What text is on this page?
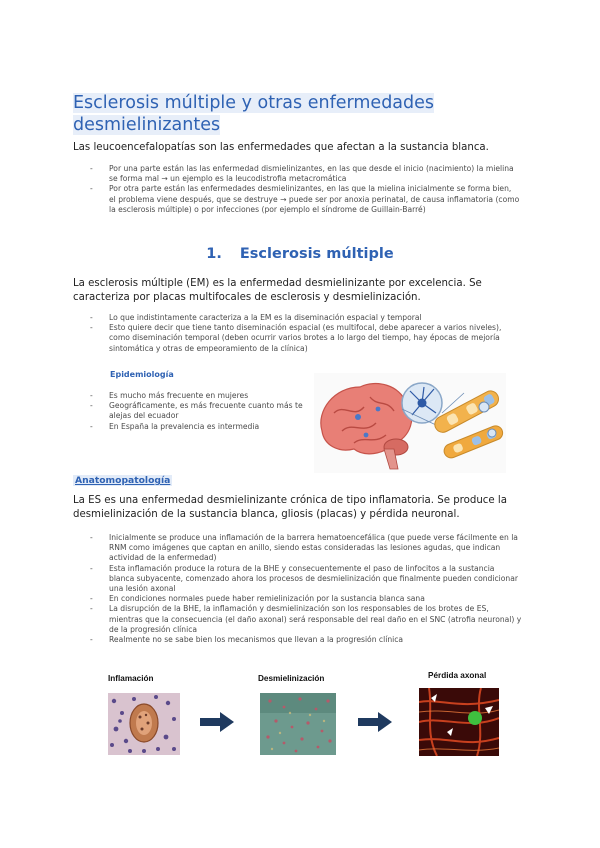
Esclerosis múltiple y otras enfermedades desmielinizantes

Las leucoencefalopatías son las enfermedades que afectan a la sustancia blanca.

- Por una parte están las las enfermedad dismielinizantes, en las que desde el inicio (nacimiento) la mielina se forma mal → un ejemplo es la leucodistrofia metacromática
- Por otra parte están las enfermedades desmielinizantes, en las que la mielina inicialmente se forma bien, el problema viene después, que se destruye → puede ser por anoxia perinatal, de causa inflamatoria (como la esclerosis múltiple) o por infecciones (por ejemplo el síndrome de Guillain-Barré)
1. Esclerosis múltiple

La esclerosis múltiple (EM) es la enfermedad desmielinizante por excelencia. Se caracteriza por placas multifocales de esclerosis y desmielinización.

- Lo que indistintamente caracteriza a la EM es la diseminación espacial y temporal
- Esto quiere decir que tiene tanto diseminación espacial (es multifocal, debe aparecer a varios niveles), como diseminación temporal (deben ocurrir varios brotes a lo largo del tiempo, hay épocas de mejoría sintomática y otras de empeoramiento de la clínica)
Epidemiología
- Es mucho más frecuente en mujeres
- Geográficamente, es más frecuente cuanto más te alejas del ecuador
- En España la prevalencia es intermedia
Anatomopatología

La ES es una enfermedad desmielinizante crónica de tipo inflamatoria. Se produce la desmielinización de la sustancia blanca, gliosis (placas) y pérdida neuronal.

- Inicialmente se produce una inflamación de la barrera hematoencefálica (que puede verse fácilmente en la RNM como imágenes que captan en anillo, siendo estas consideradas las lesiones agudas, que indican actividad de la enfermedad)
- Esta inflamación produce la rotura de la BHE y consecuentemente el paso de linfocitos a la sustancia blanca subyacente, comenzado ahora los procesos de desmielinización que finalmente pueden condicionar una lesión axonal
- En condiciones normales puede haber remielinización por la sustancia blanca sana
- La disrupción de la BHE, la inflamación y desmielinización son los responsables de los brotes de ES, mientras que la consecuencia (el daño axonal) será responsable del real daño en el SNC (atrofia neuronal) y de la progresión clínica
- Realmente no se sabe bien los mecanismos que llevan a la progresión clínica
Inflamación	Desmielinización	Pérdida axonal
